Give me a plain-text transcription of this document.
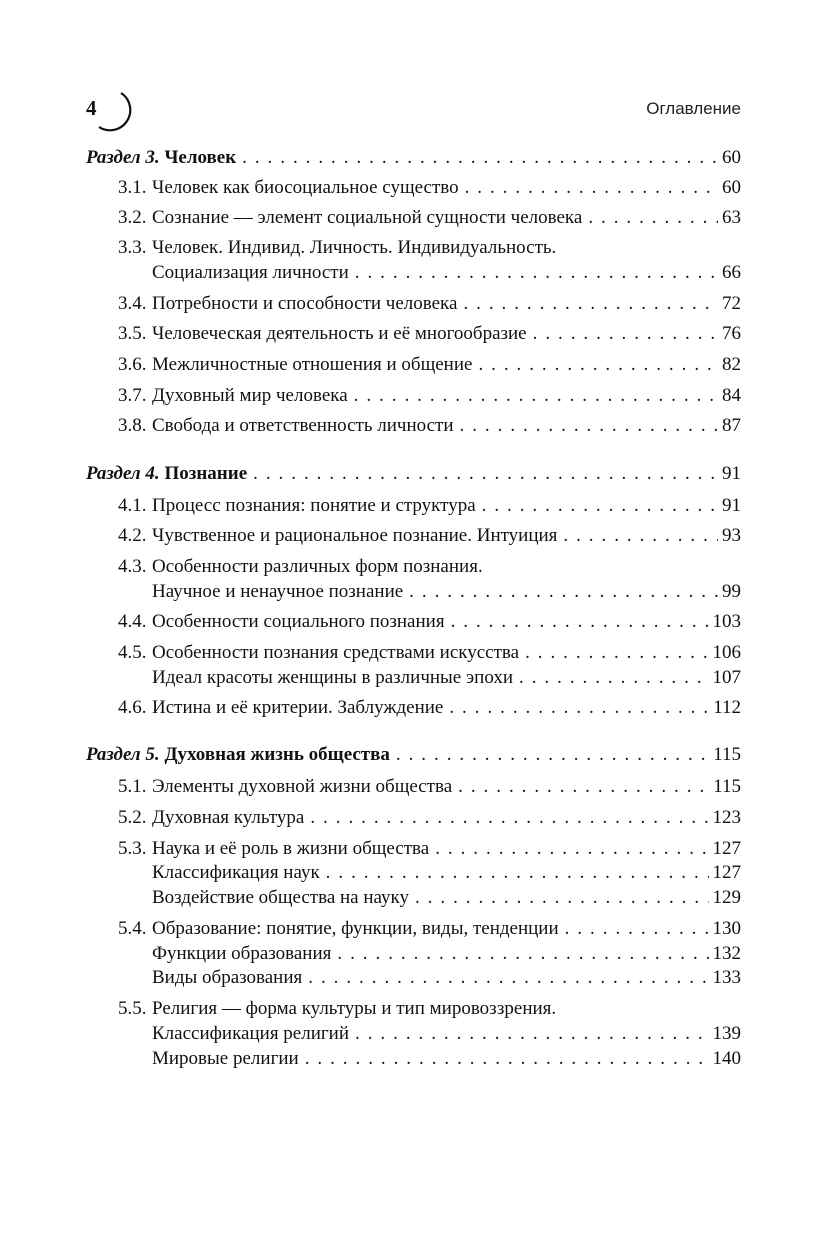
4	Оглавление
Раздел 3. Человек . . .	60
3.1. Человек как биосоциальное существо . . .	60
3.2. Сознание — элемент социальной сущности человека . . .	63
3.3. Человек. Индивид. Личность. Индивидуальность.
Социализация личности . . .	66
3.4. Потребности и способности человека . . .	72
3.5. Человеческая деятельность и её многообразие . . .	76
3.6. Межличностные отношения и общение . . .	82
3.7. Духовный мир человека . . .	84
3.8. Свобода и ответственность личности . . .	87
Раздел 4. Познание . . .	91
4.1. Процесс познания: понятие и структура . . .	91
4.2. Чувственное и рациональное познание. Интуиция . . .	93
4.3. Особенности различных форм познания.
Научное и ненаучное познание . . .	99
4.4. Особенности социального познания . . .	103
4.5. Особенности познания средствами искусства . . .	106
Идеал красоты женщины в различные эпохи . . .	107
4.6. Истина и её критерии. Заблуждение . . .	112
Раздел 5. Духовная жизнь общества . . .	115
5.1. Элементы духовной жизни общества . . .	115
5.2. Духовная культура . . .	123
5.3. Наука и её роль в жизни общества . . .	127
Классификация наук . . .	127
Воздействие общества на науку . . .	129
5.4. Образование: понятие, функции, виды, тенденции . . .	130
Функции образования . . .	132
Виды образования . . .	133
5.5. Религия — форма культуры и тип мировоззрения.
Классификация религий . . .	139
Мировые религии . . .	140
